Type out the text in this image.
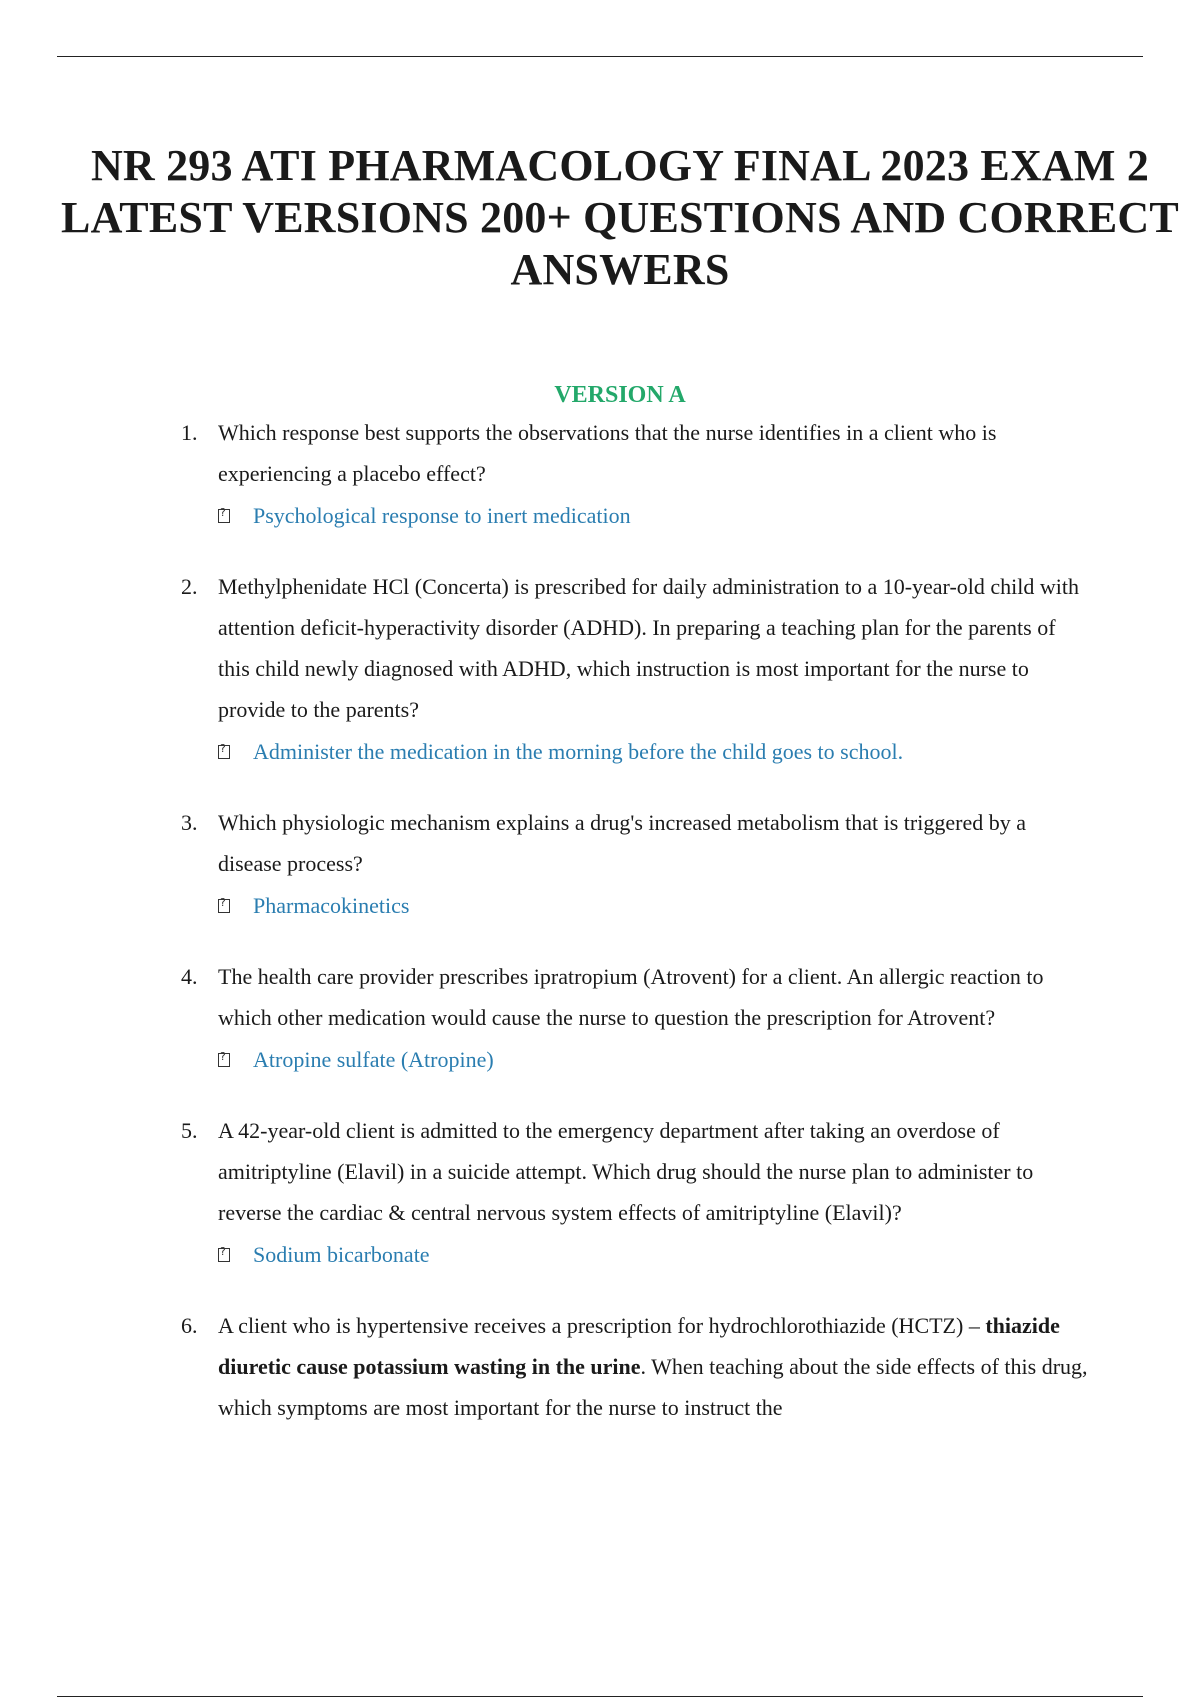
NR 293 ATI PHARMACOLOGY FINAL 2023 EXAM 2 LATEST VERSIONS 200+ QUESTIONS AND CORRECT ANSWERS
VERSION A
1. Which response best supports the observations that the nurse identifies in a client who is experiencing a placebo effect?

?
Psychological response to inert medication
2. Methylphenidate HCl (Concerta) is prescribed for daily administration to a 10-year-old child with attention deficit-hyperactivity disorder (ADHD). In preparing a teaching plan for the parents of this child newly diagnosed with ADHD, which instruction is most important for the nurse to provide to the parents?

?
Administer the medication in the morning before the child goes to school.
3. Which physiologic mechanism explains a drug's increased metabolism that is triggered by a disease process?

?
Pharmacokinetics
4. The health care provider prescribes ipratropium (Atrovent) for a client. An allergic reaction to which other medication would cause the nurse to question the prescription for Atrovent?

?
Atropine sulfate (Atropine)
5. A 42-year-old client is admitted to the emergency department after taking an overdose of amitriptyline (Elavil) in a suicide attempt. Which drug should the nurse plan to administer to reverse the cardiac & central nervous system effects of amitriptyline (Elavil)?

?
Sodium bicarbonate
6. A client who is hypertensive receives a prescription for hydrochlorothiazide (HCTZ) – thiazide diuretic cause potassium wasting in the urine. When teaching about the side effects of this drug, which symptoms are most important for the nurse to instruct the
